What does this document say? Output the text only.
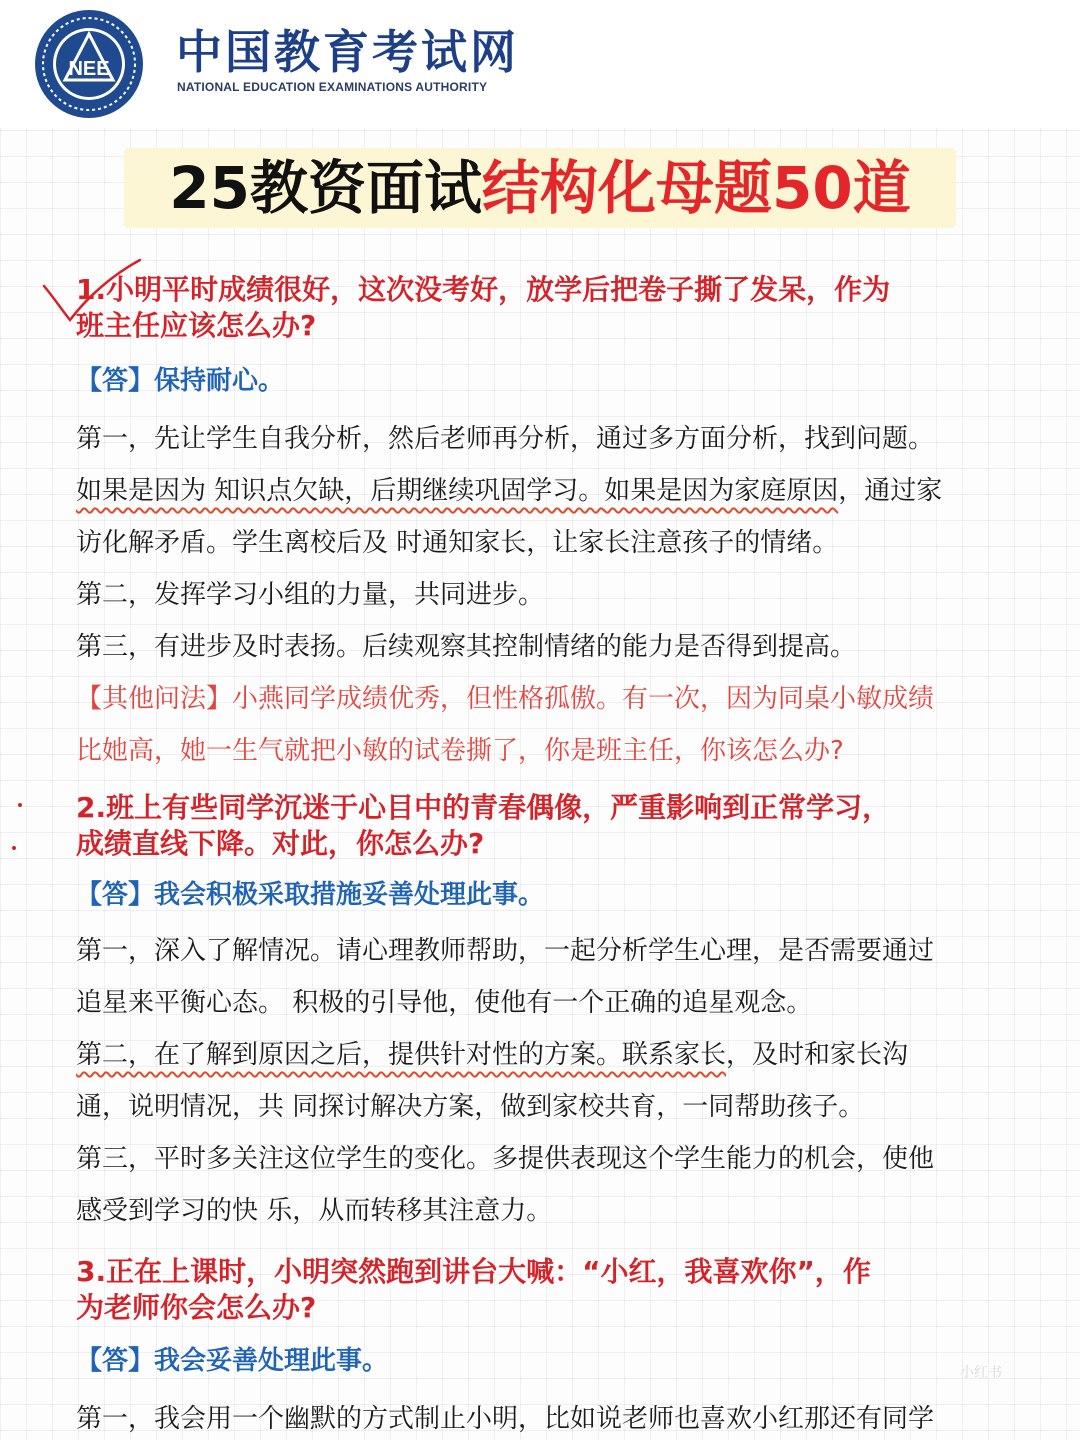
NEE 中国教育考试网
NATIONAL EDUCATION EXAMINATIONS AUTHORITY
25教资面试结构化母题50道
1.小明平时成绩很好，这次没考好，放学后把卷子撕了发呆，作为
班主任应该怎么办?
【答】保持耐心。
第一，先让学生自我分析，然后老师再分析，通过多方面分析，找到问题。
如果是因为 知识点欠缺，后期继续巩固学习。如果是因为家庭原因，通过家
访化解矛盾。学生离校后及 时通知家长，让家长注意孩子的情绪。
第二，发挥学习小组的力量，共同进步。
第三，有进步及时表扬。后续观察其控制情绪的能力是否得到提高。
【其他问法】小燕同学成绩优秀，但性格孤傲。有一次，因为同桌小敏成绩
比她高，她一生气就把小敏的试卷撕了，你是班主任，你该怎么办?
2.班上有些同学沉迷于心目中的青春偶像，严重影响到正常学习，
成绩直线下降。对此，你怎么办?
【答】我会积极采取措施妥善处理此事。
第一，深入了解情况。请心理教师帮助，一起分析学生心理，是否需要通过
追星来平衡心态。 积极的引导他，使他有一个正确的追星观念。
第二，在了解到原因之后，提供针对性的方案。联系家长，及时和家长沟
通，说明情况，共 同探讨解决方案，做到家校共育，一同帮助孩子。
第三，平时多关注这位学生的变化。多提供表现这个学生能力的机会，使他
感受到学习的快 乐，从而转移其注意力。
3.正在上课时，小明突然跑到讲台大喊：“小红，我喜欢你”，作
为老师你会怎么办?
【答】我会妥善处理此事。
第一，我会用一个幽默的方式制止小明，比如说老师也喜欢小红那还有同学
小红书
